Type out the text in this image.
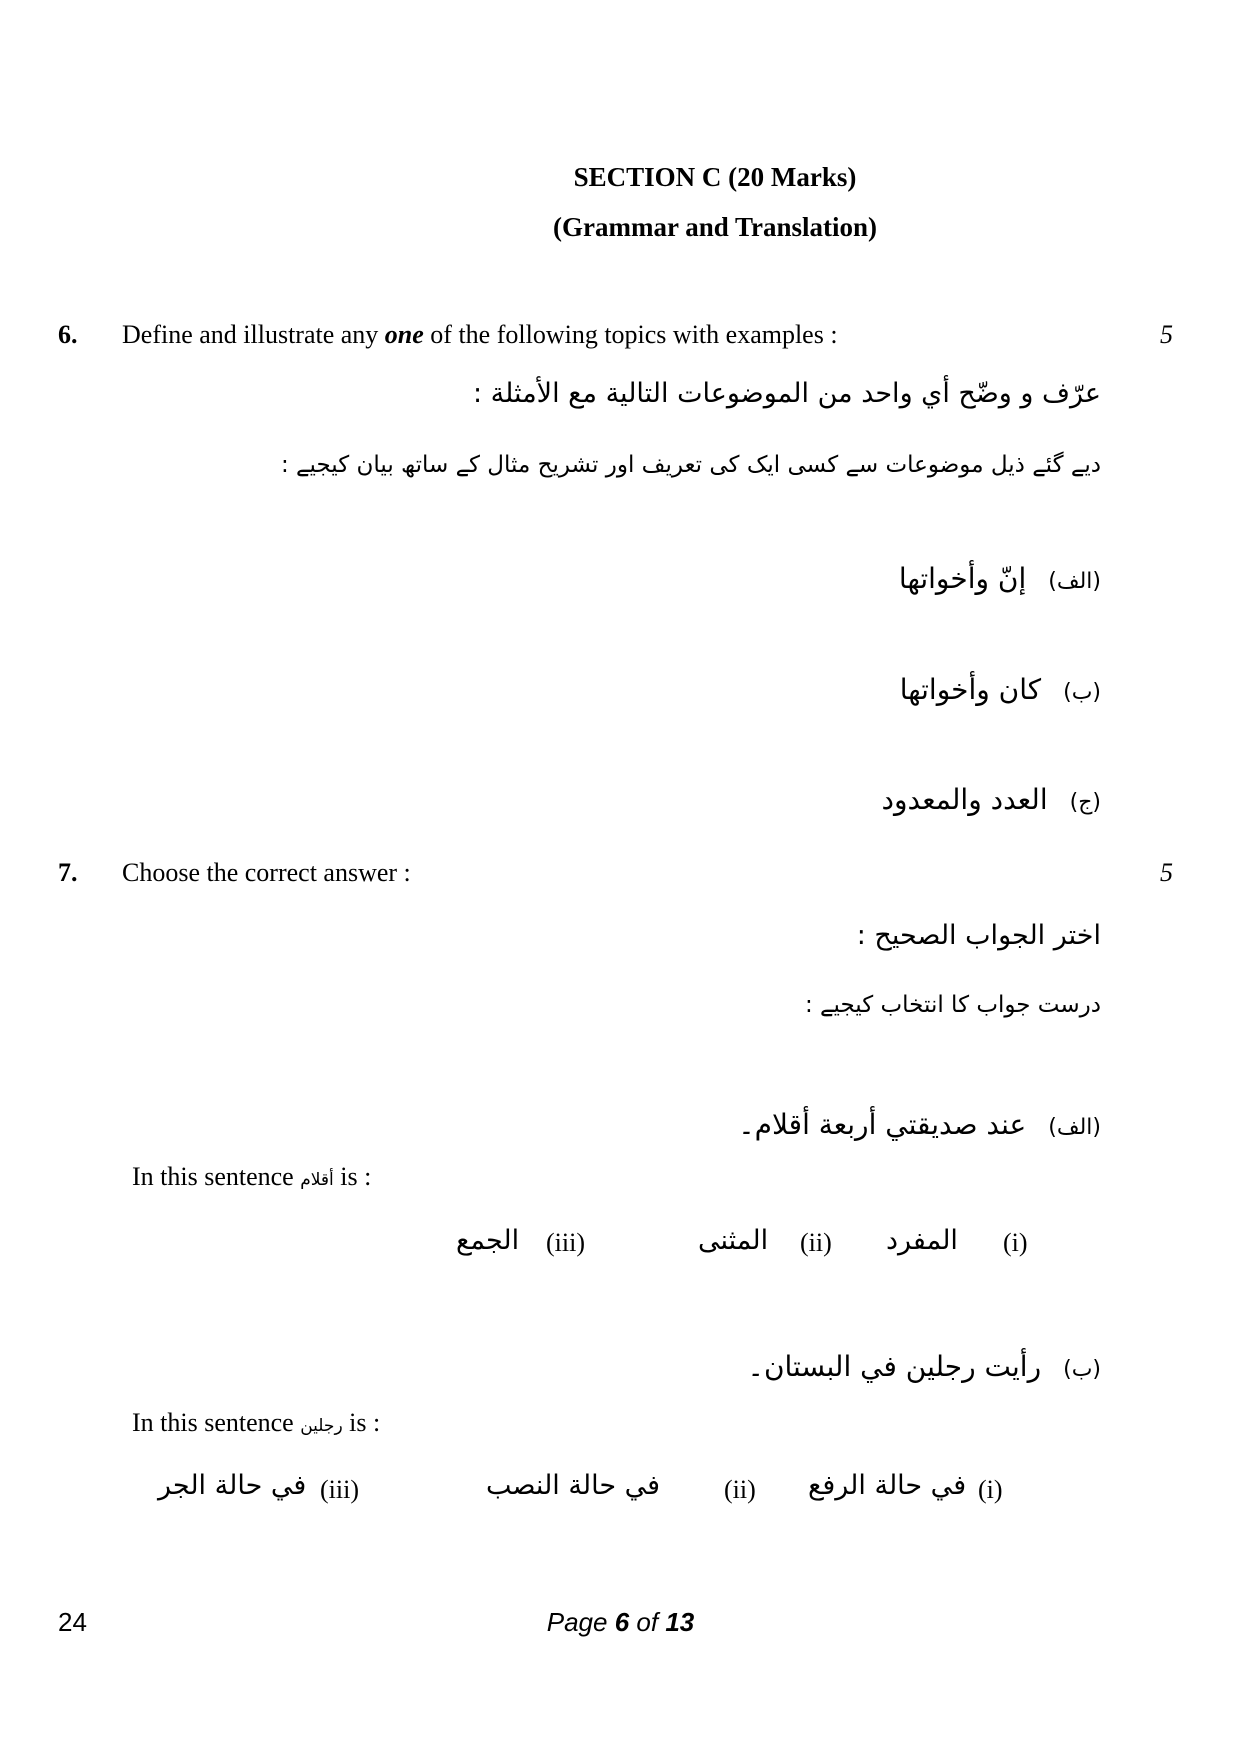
SECTION C (20 Marks)
(Grammar and Translation)
6. Define and illustrate any one of the following topics with examples :	5
عرّف و وضّح أي واحد من الموضوعات التالية مع الأمثلة :
دیے گئے ذیل موضوعات سے کسی ایک کی تعریف اور تشریح مثال کے ساتھ بیان کیجیے :
(الف)
إنّ وأخواتها
(ب)
كان وأخواتها
(ج)
العدد والمعدود
7. Choose the correct answer :	5
اختر الجواب الصحيح :
درست جواب کا انتخاب کیجیے :
(الف)
عند صديقتي أربعة أقلام۔
In this sentence أقلام is :
(i)
المفرد
(ii)
المثنى
(iii)
الجمع
(ب)
رأيت رجلين في البستان۔
In this sentence رجلين is :
(i)
في حالة الرفع
(ii)
في حالة النصب
(iii)
في حالة الجر
24	Page 6 of 13
